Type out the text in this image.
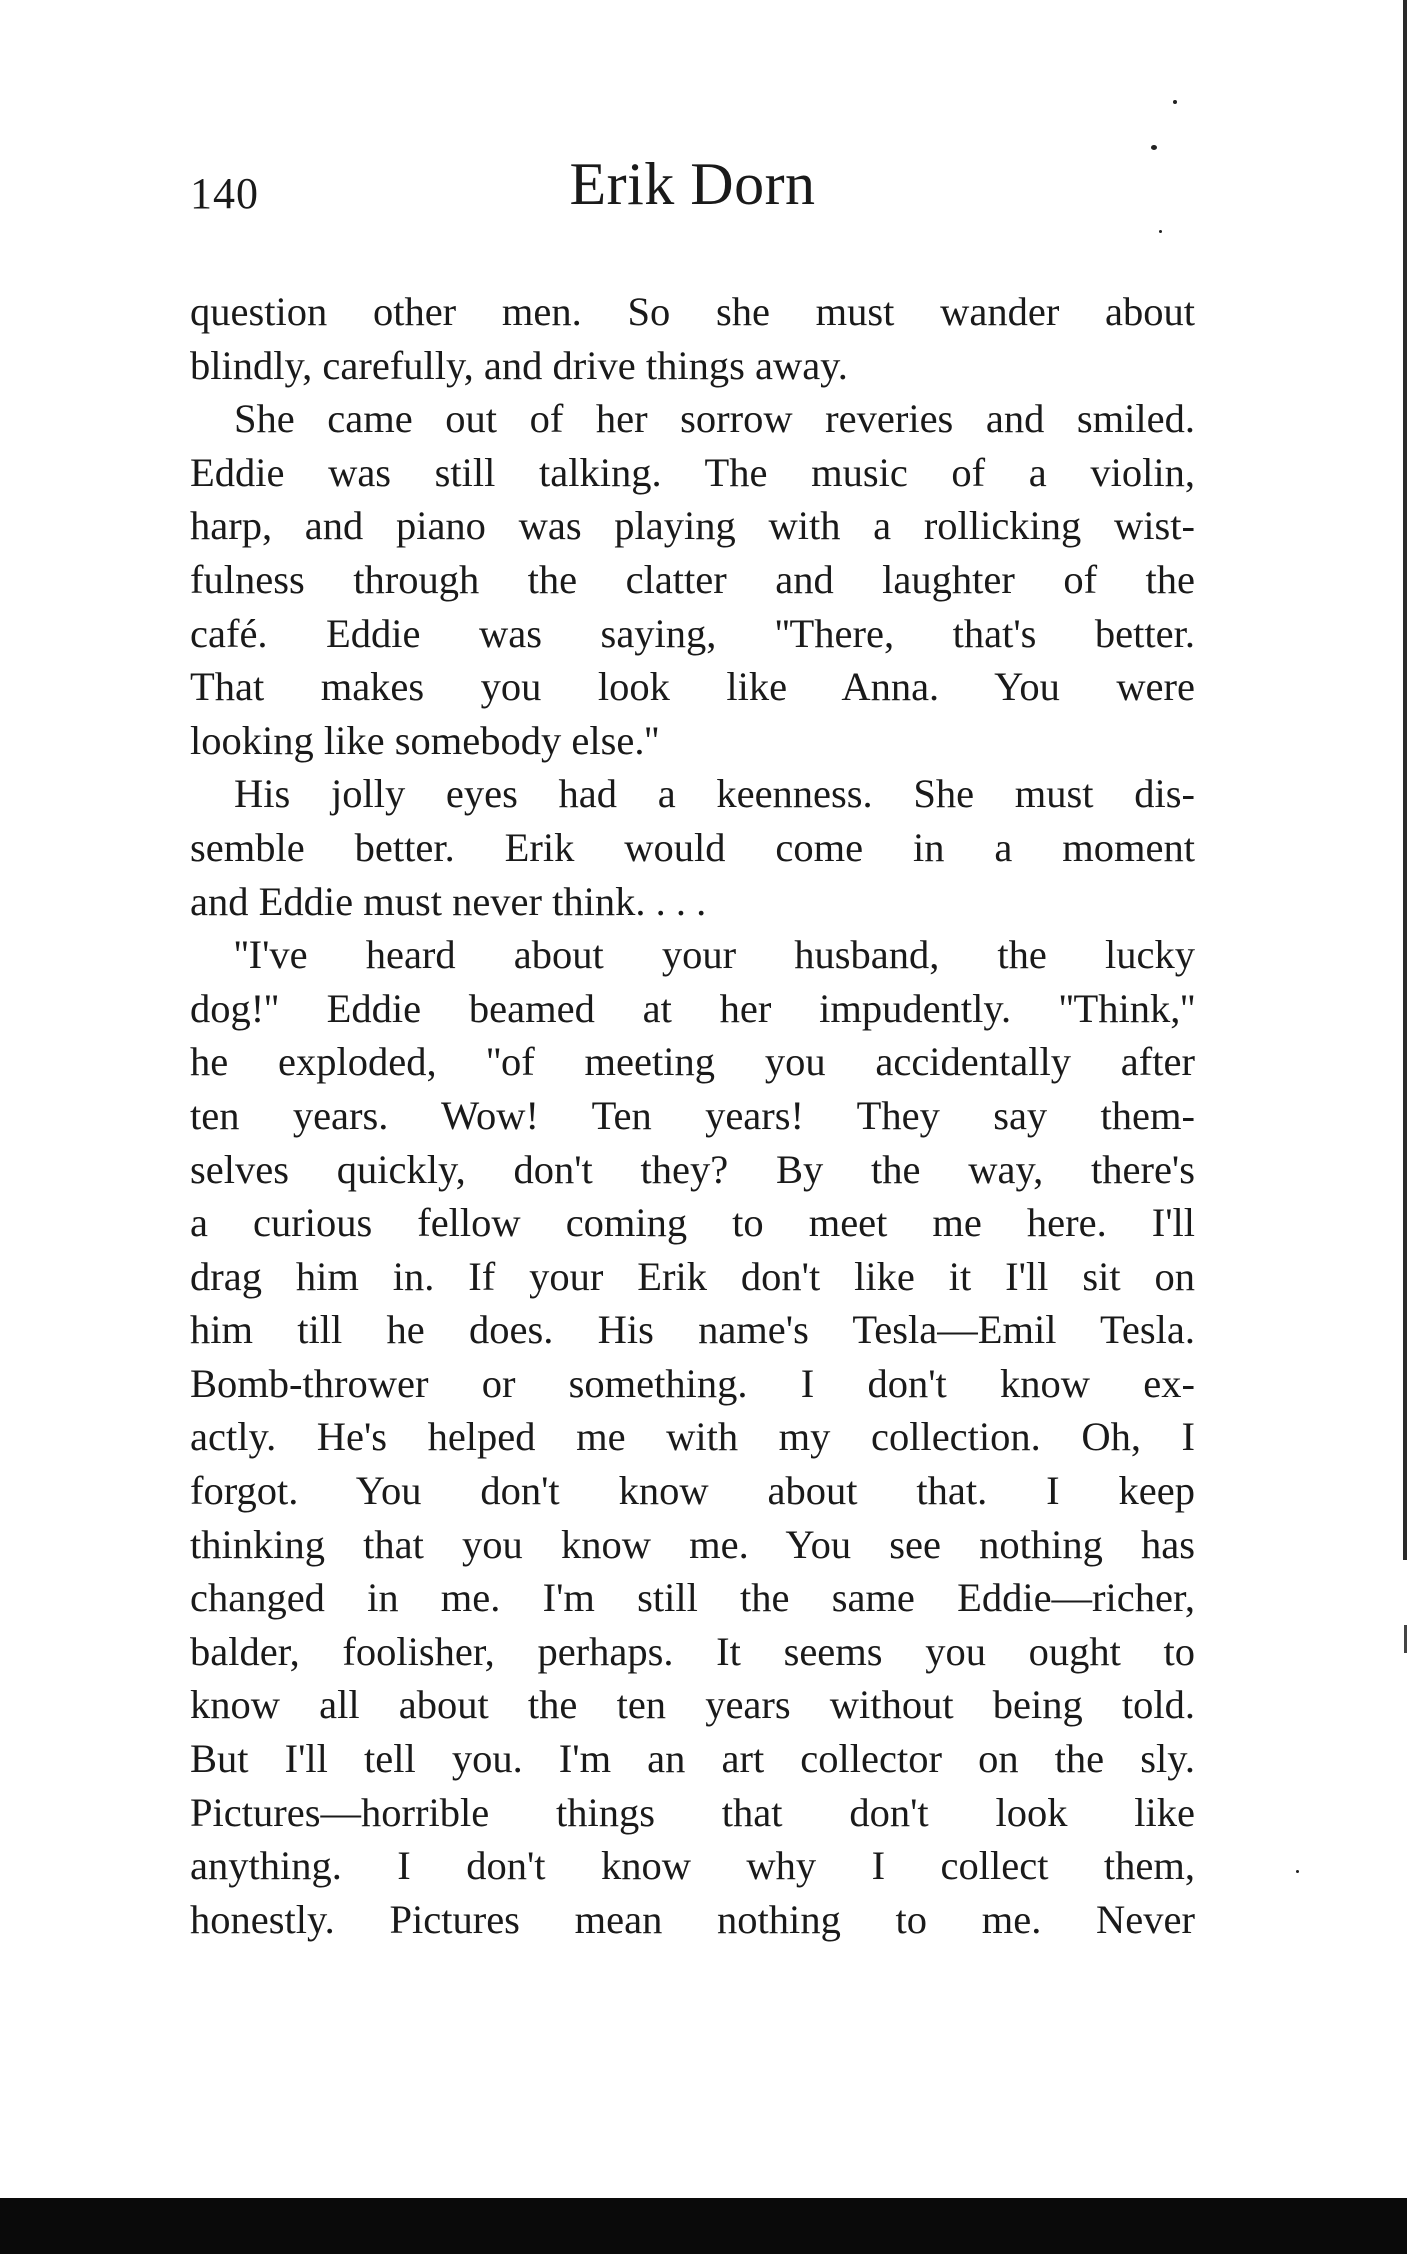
140	Erik Dorn
question other men. So she must wander about
blindly, carefully, and drive things away.
She came out of her sorrow reveries and smiled.
Eddie was still talking. The music of a violin,
harp, and piano was playing with a rollicking wist-
fulness through the clatter and laughter of the
café. Eddie was saying, ''There, that's better.
That makes you look like Anna. You were
looking like somebody else.''
His jolly eyes had a keenness. She must dis-
semble better. Erik would come in a moment
and Eddie must never think. . . .
''I've heard about your husband, the lucky
dog!'' Eddie beamed at her impudently. ''Think,''
he exploded, ''of meeting you accidentally after
ten years. Wow! Ten years! They say them-
selves quickly, don't they? By the way, there's
a curious fellow coming to meet me here. I'll
drag him in. If your Erik don't like it I'll sit on
him till he does. His name's Tesla—Emil Tesla.
Bomb-thrower or something. I don't know ex-
actly. He's helped me with my collection. Oh, I
forgot. You don't know about that. I keep
thinking that you know me. You see nothing has
changed in me. I'm still the same Eddie—richer,
balder, foolisher, perhaps. It seems you ought to
know all about the ten years without being told.
But I'll tell you. I'm an art collector on the sly.
Pictures—horrible things that don't look like
anything. I don't know why I collect them,
honestly. Pictures mean nothing to me. Never
